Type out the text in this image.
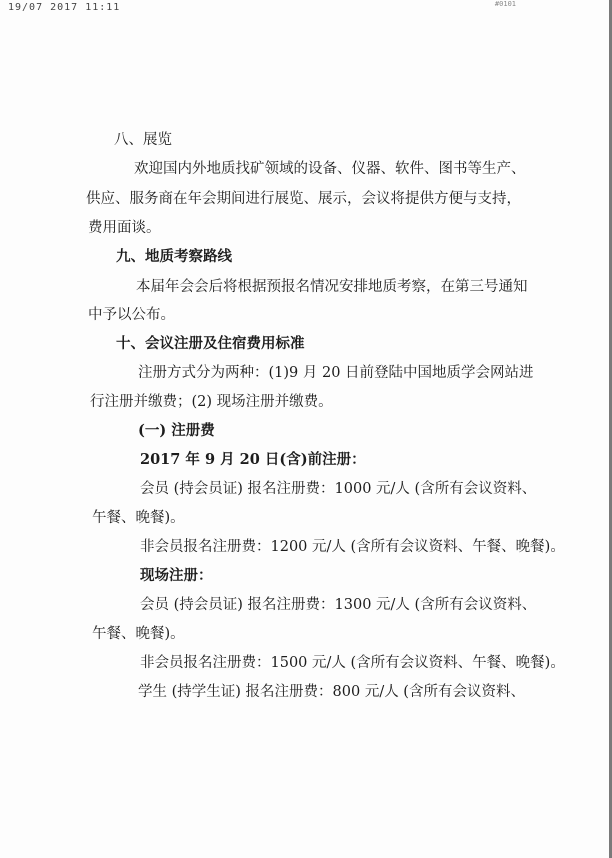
19/07 2017 11:11	#0101
八、展览
欢迎国内外地质找矿领域的设备、仪器、软件、图书等生产、
供应、服务商在年会期间进行展览、展示，会议将提供方便与支持，
费用面谈。
九、地质考察路线
本届年会会后将根据预报名情况安排地质考察，在第三号通知
中予以公布。
十、会议注册及住宿费用标准
注册方式分为两种：(1)9 月 20 日前登陆中国地质学会网站进
行注册并缴费；(2) 现场注册并缴费。
(一) 注册费
2017 年 9 月 20 日(含)前注册：
会员 (持会员证) 报名注册费：1000 元/人 (含所有会议资料、
午餐、晚餐)。
非会员报名注册费：1200 元/人 (含所有会议资料、午餐、晚餐)。
现场注册：
会员 (持会员证) 报名注册费：1300 元/人 (含所有会议资料、
午餐、晚餐)。
非会员报名注册费：1500 元/人 (含所有会议资料、午餐、晚餐)。
学生 (持学生证) 报名注册费：800 元/人 (含所有会议资料、
